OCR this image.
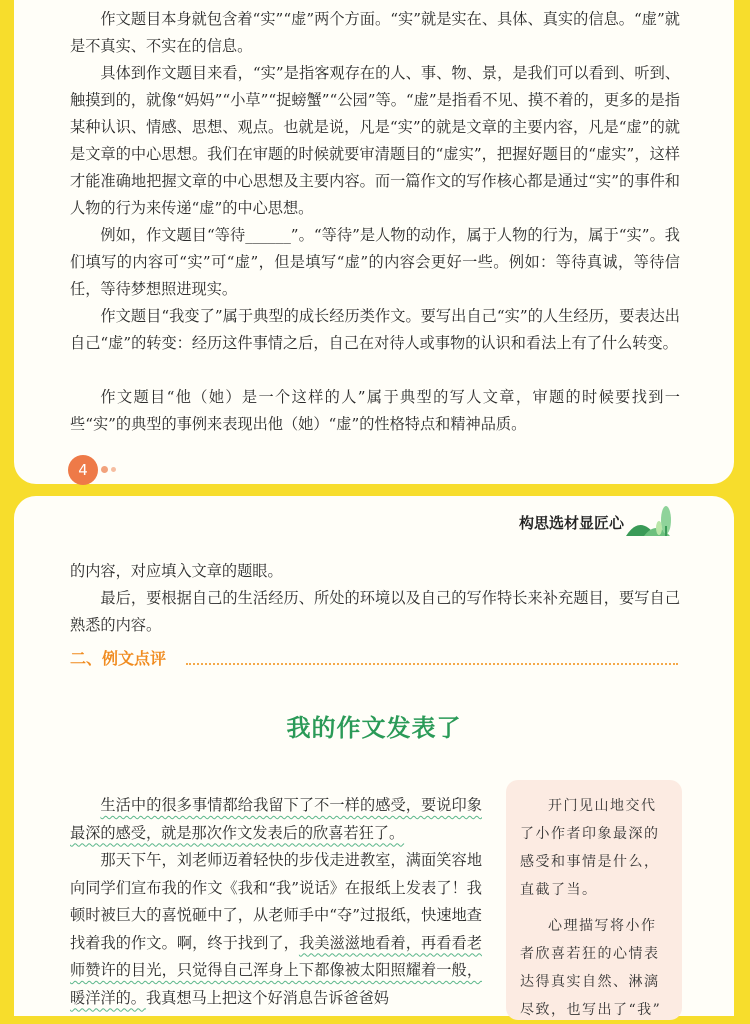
作文题目本身就包含着“实”“虚”两个方面。“实”就是实在、具体、真实的信息。“虚”就是不真实、不实在的信息。

具体到作文题目来看，“实”是指客观存在的人、事、物、景，是我们可以看到、听到、触摸到的，就像“妈妈”“小草”“捉螃蟹”“公园”等。“虚”是指看不见、摸不着的，更多的是指某种认识、情感、思想、观点。也就是说，凡是“实”的就是文章的主要内容，凡是“虚”的就是文章的中心思想。我们在审题的时候就要审清题目的“虚实”，把握好题目的“虚实”，这样才能准确地把握文章的中心思想及主要内容。而一篇作文的写作核心都是通过“实”的事件和人物的行为来传递“虚”的中心思想。

例如，作文题目“等待______”。“等待”是人物的动作，属于人物的行为，属于“实”。我们填写的内容可“实”可“虚”，但是填写“虚”的内容会更好一些。例如：等待真诚，等待信任，等待梦想照进现实。

作文题目“我变了”属于典型的成长经历类作文。要写出自己“实”的人生经历，要表达出自己“虚”的转变：经历这件事情之后，自己在对待人或事物的认识和看法上有了什么转变。

作文题目“他（她）是一个这样的人”属于典型的写人文章，审题的时候要找到一些“实”的典型的事例来表现出他（她）“虚”的性格特点和精神品质。

4
构思选材显匠心

的内容，对应填入文章的题眼。

最后，要根据自己的生活经历、所处的环境以及自己的写作特长来补充题目，要写自己熟悉的内容。

二、例文点评
我的作文发表了

生活中的很多事情都给我留下了不一样的感受，要说印象最深的感受，就是那次作文发表后的欣喜若狂了。

那天下午，刘老师迈着轻快的步伐走进教室，满面笑容地向同学们宣布我的作文《我和“我”说话》在报纸上发表了！我顿时被巨大的喜悦砸中了，从老师手中“夺”过报纸，快速地查找着我的作文。啊，终于找到了，我美滋滋地看着，再看看老师赞许的目光，只觉得自己浑身上下都像被太阳照耀着一般，暖洋洋的。我真想马上把这个好消息告诉爸爸妈

开门见山地交代了小作者印象最深的感受和事情是什么，直截了当。

心理描写将小作者欣喜若狂的心情表达得真实自然、淋漓尽致，也写出了“我”
